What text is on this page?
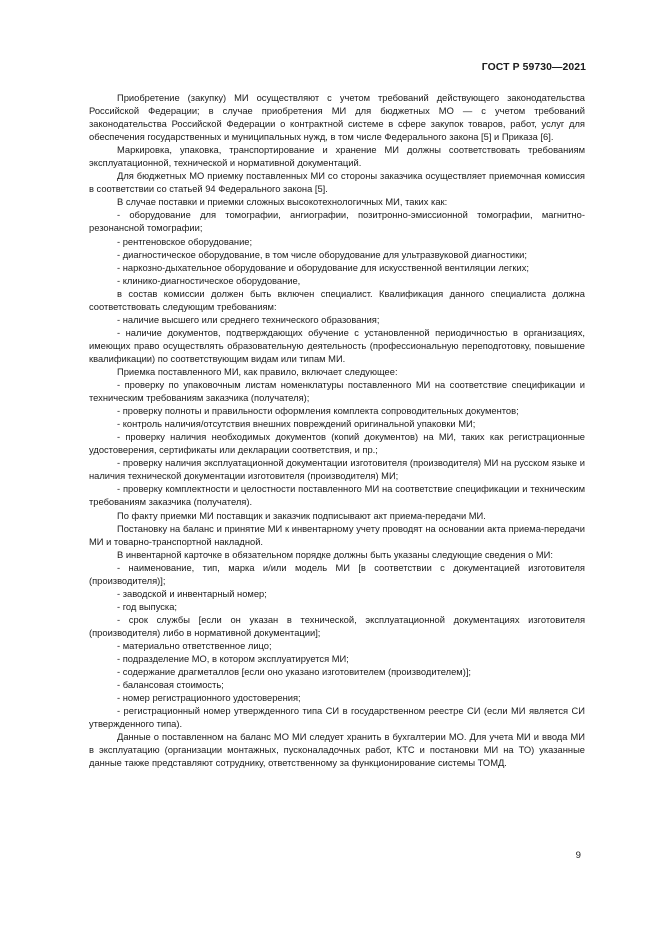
ГОСТ Р 59730—2021

Приобретение (закупку) МИ осуществляют с учетом требований действующего законодательства Российской Федерации; в случае приобретения МИ для бюджетных МО — с учетом требований законодательства Российской Федерации о контрактной системе в сфере закупок товаров, работ, услуг для обеспечения государственных и муниципальных нужд, в том числе Федерального закона [5] и Приказа [6].

Маркировка, упаковка, транспортирование и хранение МИ должны соответствовать требованиям эксплуатационной, технической и нормативной документаций.

Для бюджетных МО приемку поставленных МИ со стороны заказчика осуществляет приемочная комиссия в соответствии со статьей 94 Федерального закона [5].

В случае поставки и приемки сложных высокотехнологичных МИ, таких как:

- оборудование для томографии, ангиографии, позитронно-эмиссионной томографии, магнитно-резонансной томографии;

- рентгеновское оборудование;

- диагностическое оборудование, в том числе оборудование для ультразвуковой диагностики;

- наркозно-дыхательное оборудование и оборудование для искусственной вентиляции легких;

- клинико-диагностическое оборудование,

в состав комиссии должен быть включен специалист. Квалификация данного специалиста должна соответствовать следующим требованиям:

- наличие высшего или среднего технического образования;

- наличие документов, подтверждающих обучение с установленной периодичностью в организациях, имеющих право осуществлять образовательную деятельность (профессиональную переподготовку, повышение квалификации) по соответствующим видам или типам МИ.

Приемка поставленного МИ, как правило, включает следующее:

- проверку по упаковочным листам номенклатуры поставленного МИ на соответствие спецификации и техническим требованиям заказчика (получателя);

- проверку полноты и правильности оформления комплекта сопроводительных документов;

- контроль наличия/отсутствия внешних повреждений оригинальной упаковки МИ;

- проверку наличия необходимых документов (копий документов) на МИ, таких как регистрационные удостоверения, сертификаты или декларации соответствия, и пр.;

- проверку наличия эксплуатационной документации изготовителя (производителя) МИ на русском языке и наличия технической документации изготовителя (производителя) МИ;

- проверку комплектности и целостности поставленного МИ на соответствие спецификации и техническим требованиям заказчика (получателя).

По факту приемки МИ поставщик и заказчик подписывают акт приема-передачи МИ.

Постановку на баланс и принятие МИ к инвентарному учету проводят на основании акта приема-передачи МИ и товарно-транспортной накладной.

В инвентарной карточке в обязательном порядке должны быть указаны следующие сведения о МИ:

- наименование, тип, марка и/или модель МИ [в соответствии с документацией изготовителя (производителя)];

- заводской и инвентарный номер;

- год выпуска;

- срок службы [если он указан в технической, эксплуатационной документациях изготовителя (производителя) либо в нормативной документации];

- материально ответственное лицо;

- подразделение МО, в котором эксплуатируется МИ;

- содержание драгметаллов [если оно указано изготовителем (производителем)];

- балансовая стоимость;

- номер регистрационного удостоверения;

- регистрационный номер утвержденного типа СИ в государственном реестре СИ (если МИ является СИ утвержденного типа).

Данные о поставленном на баланс МО МИ следует хранить в бухгалтерии МО. Для учета МИ и ввода МИ в эксплуатацию (организации монтажных, пусконаладочных работ, КТС и постановки МИ на ТО) указанные данные также представляют сотруднику, ответственному за функционирование системы ТОМД.

9
